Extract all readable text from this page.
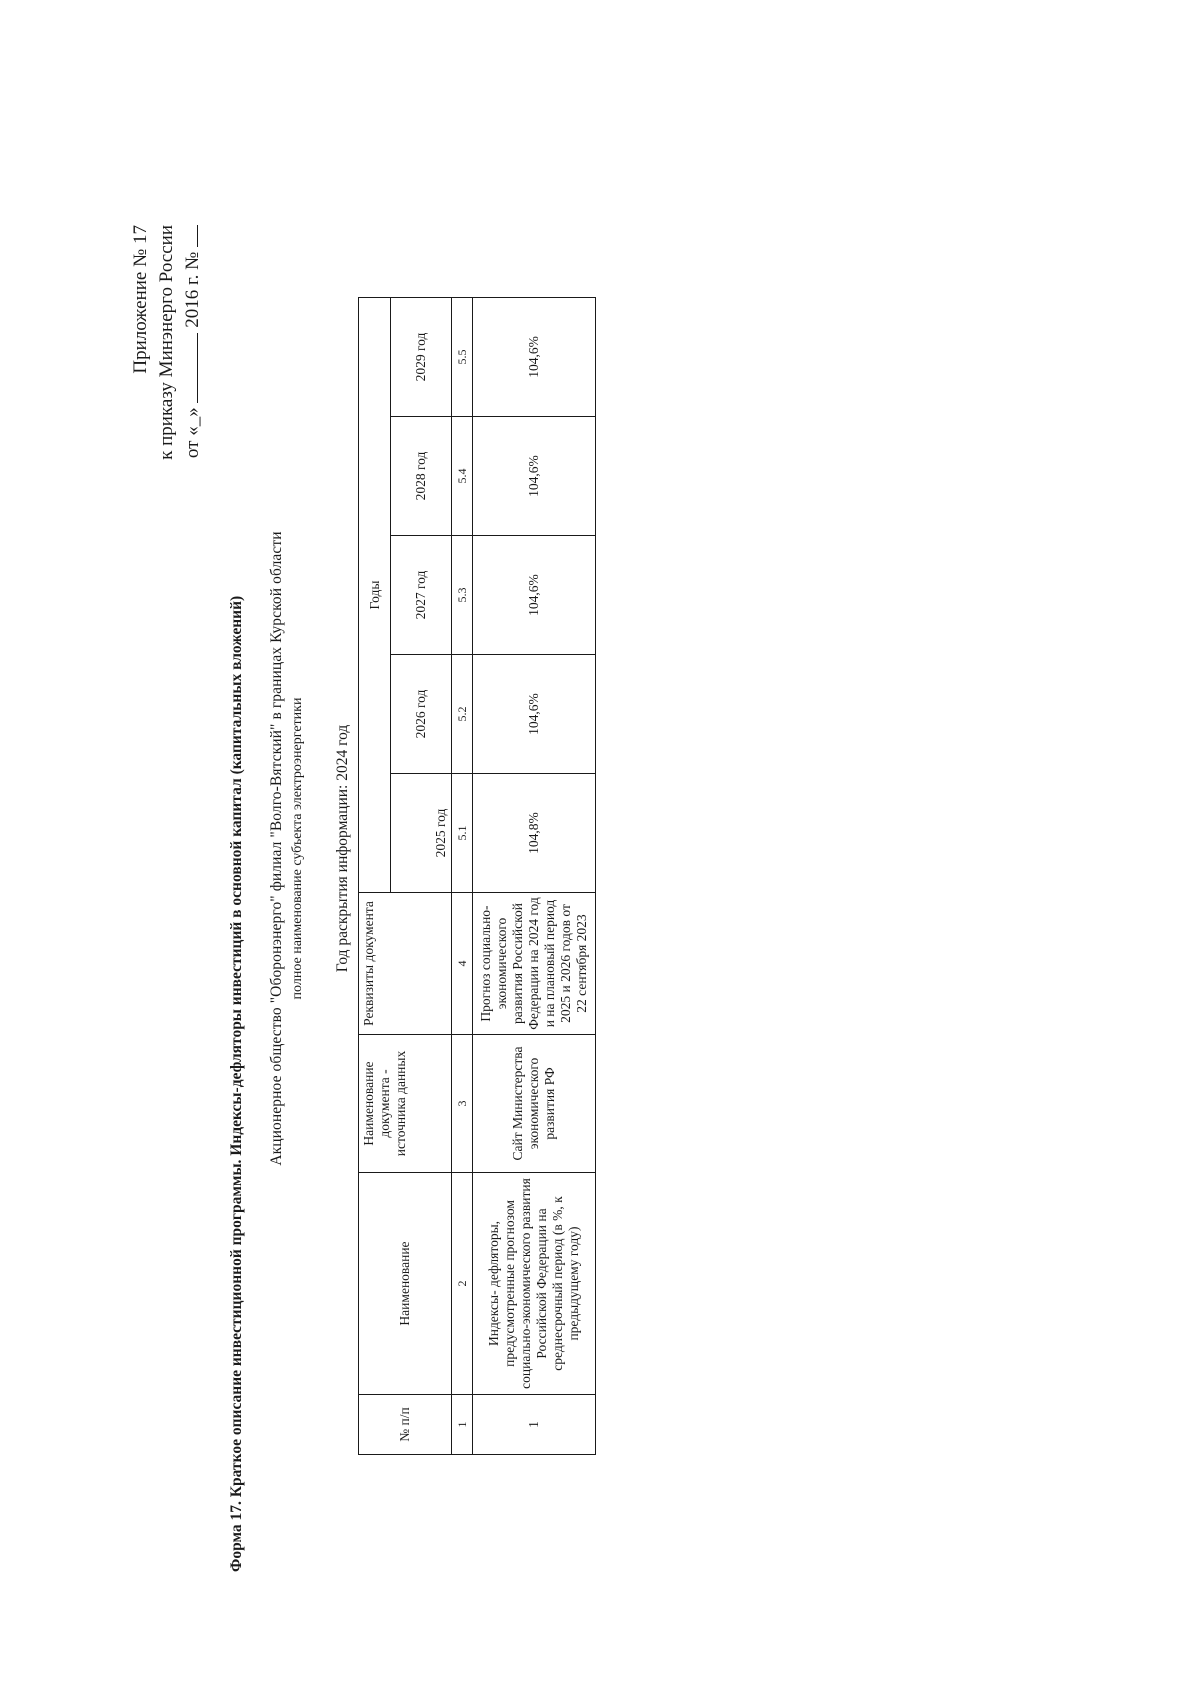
Приложение № 17 к приказу Минэнерго России от «_»  2016 г. №
Форма 17. Краткое описание инвестиционной программы. Индексы-дефляторы инвестиций в основной капитал (капитальных вложений) Акционерное общество "Оборонэнерго" филиал "Волго-Вятский" в границах Курской области полное наименование субъекта электроэнергетики Год раскрытия информации: 2024 год
№ п/п	Наименование	Наименование документа - источника данных	Реквизиты документа	Годы				
				2025 год	2026 год	2027 год	2028 год	2029 год
1	2	3	4	5.1	5.2	5.3	5.4	5.5
1	Индексы- дефляторы, предусмотренные прогнозом социально-экономического развития Российской Федерации на среднесрочный период (в %, к предыдущему году)	Сайт Министерства экономического развития РФ	Прогноз социально-экономического развития Российской Федерации на 2024 год и на плановый период 2025 и 2026 годов от 22 сентября 2023	104,8%	104,6%	104,6%	104,6%	104,6%
